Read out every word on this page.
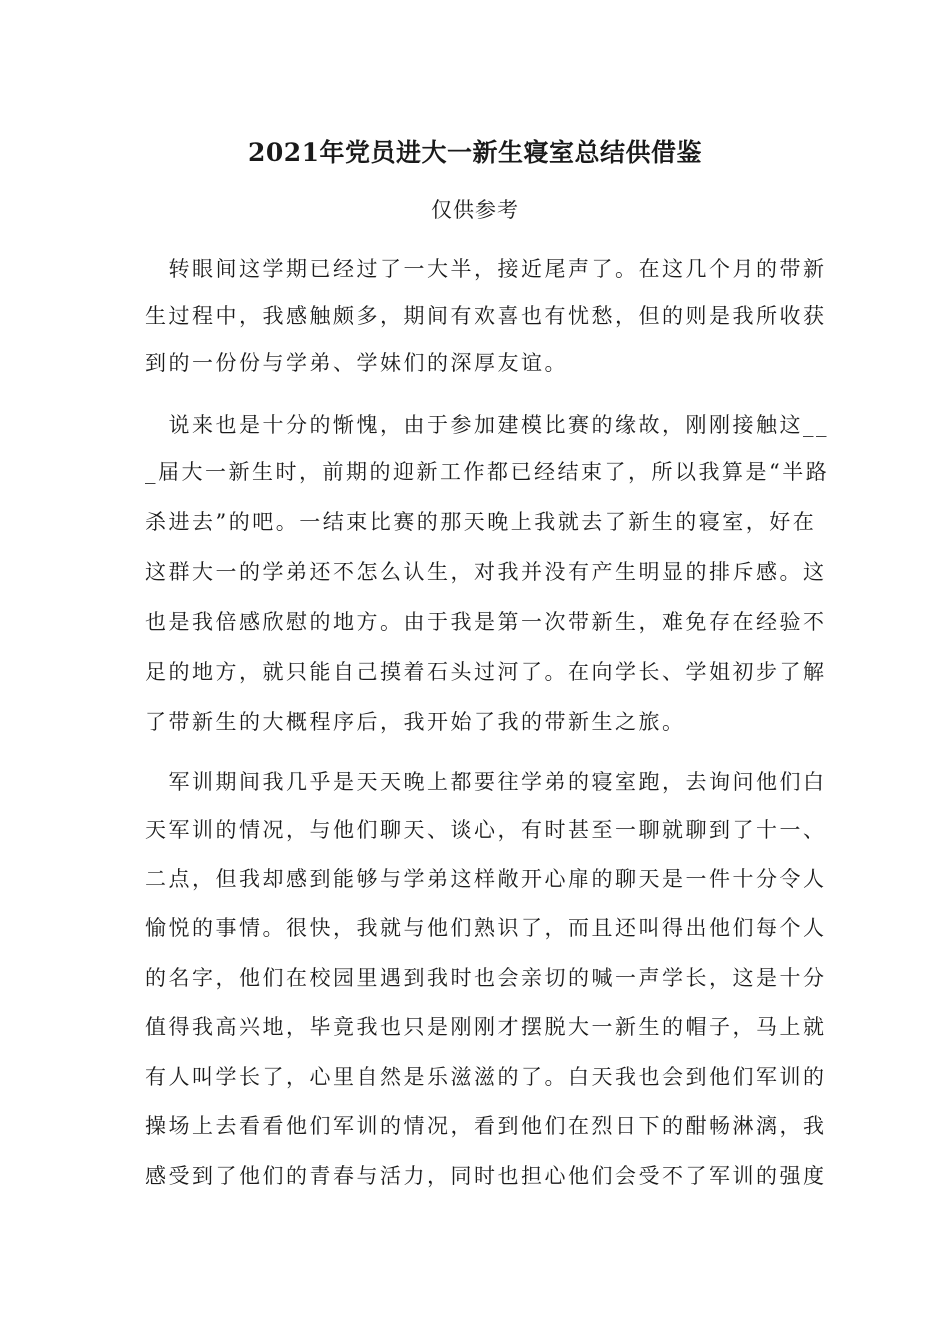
2021年党员进大一新生寝室总结供借鉴
仅供参考
　转眼间这学期已经过了一大半，接近尾声了。在这几个月的带新
生过程中，我感触颇多，期间有欢喜也有忧愁，但的则是我所收获
到的一份份与学弟、学妹们的深厚友谊。
　说来也是十分的惭愧，由于参加建模比赛的缘故，刚刚接触这__
_届大一新生时，前期的迎新工作都已经结束了，所以我算是“半路
杀进去”的吧。一结束比赛的那天晚上我就去了新生的寝室，好在
这群大一的学弟还不怎么认生，对我并没有产生明显的排斥感。这
也是我倍感欣慰的地方。由于我是第一次带新生，难免存在经验不
足的地方，就只能自己摸着石头过河了。在向学长、学姐初步了解
了带新生的大概程序后，我开始了我的带新生之旅。
　军训期间我几乎是天天晚上都要往学弟的寝室跑，去询问他们白
天军训的情况，与他们聊天、谈心，有时甚至一聊就聊到了十一、
二点，但我却感到能够与学弟这样敞开心扉的聊天是一件十分令人
愉悦的事情。很快，我就与他们熟识了，而且还叫得出他们每个人
的名字，他们在校园里遇到我时也会亲切的喊一声学长，这是十分
值得我高兴地，毕竟我也只是刚刚才摆脱大一新生的帽子，马上就
有人叫学长了，心里自然是乐滋滋的了。白天我也会到他们军训的
操场上去看看他们军训的情况，看到他们在烈日下的酣畅淋漓，我
感受到了他们的青春与活力，同时也担心他们会受不了军训的强度
